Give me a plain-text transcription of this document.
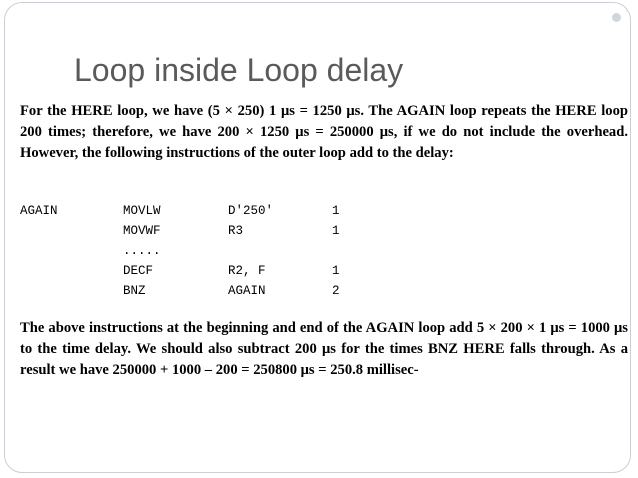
Loop inside Loop delay

For the HERE loop, we have (5 × 250) 1 μs = 1250 μs. The AGAIN loop repeats the HERE loop 200 times; therefore, we have 200 × 1250 μs = 250000 μs, if we do not include the overhead. However, the following instructions of the outer loop add to the delay:

AGAIN	MOVLW	D'250'	1
	MOVWF	R3	1
	.....		
	DECF	R2, F	1
	BNZ	AGAIN	2

The above instructions at the beginning and end of the AGAIN loop add 5 × 200 × 1 μs = 1000 μs to the time delay. We should also subtract 200 μs for the times BNZ HERE falls through. As a result we have 250000 + 1000 – 200 = 250800 μs = 250.8 millisec-
